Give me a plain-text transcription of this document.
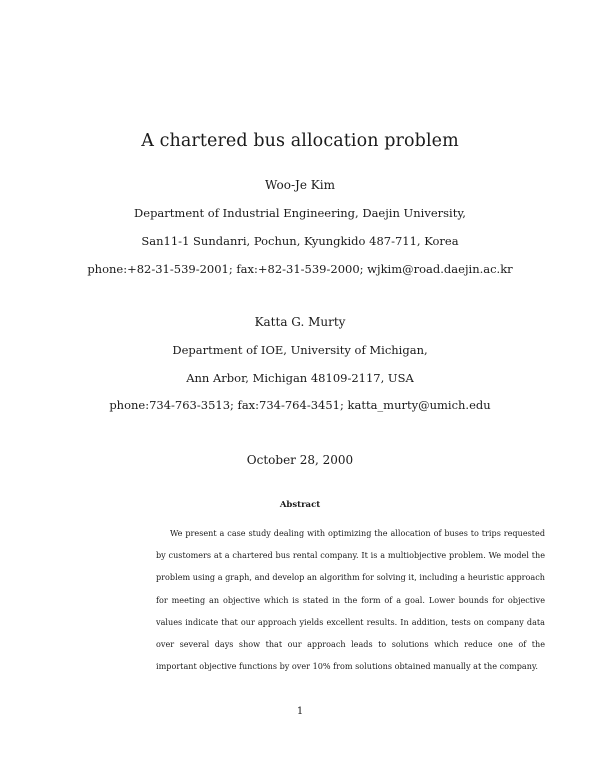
A chartered bus allocation problem
Woo-Je Kim
Department of Industrial Engineering, Daejin University,
San11-1 Sundanri, Pochun, Kyungkido 487-711, Korea
phone:+82-31-539-2001; fax:+82-31-539-2000; wjkim@road.daejin.ac.kr
Katta G. Murty
Department of IOE, University of Michigan,
Ann Arbor, Michigan 48109-2117, USA
phone:734-763-3513; fax:734-764-3451; katta_murty@umich.edu
October 28, 2000
Abstract
We present a case study dealing with optimizing the allocation of buses to trips requested by customers at a chartered bus rental company. It is a multiobjective problem. We model the problem using a graph, and develop an algorithm for solving it, including a heuristic approach for meeting an objective which is stated in the form of a goal. Lower bounds for objective values indicate that our approach yields excellent results. In addition, tests on company data over several days show that our approach leads to solutions which reduce one of the important objective functions by over 10% from solutions obtained manually at the company.
1
